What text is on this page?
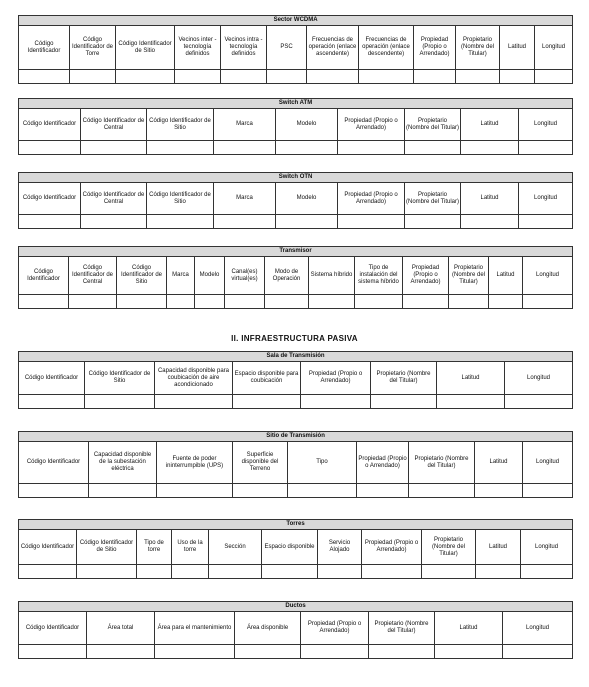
Sector WCDMA											
Código Identificador	Código Identificador de Torre	Código Identificador de Sitio	Vecinos inter - tecnología definidos	Vecinos intra - tecnología definidos	PSC	Frecuencias de operación (enlace ascendente)	Frecuencias de operación (enlace descendente)	Propiedad (Propio o Arrendado)	Propietario (Nombre del Titular)	Latitud	Longitud

Switch ATM								
Código Identificador	Código Identificador de Central	Código Identificador de Sitio	Marca	Modelo	Propiedad (Propio o Arrendado)	Propietario (Nombre del Titular)	Latitud	Longitud

Switch OTN								
Código Identificador	Código Identificador de Central	Código Identificador de Sitio	Marca	Modelo	Propiedad (Propio o Arrendado)	Propietario (Nombre del Titular)	Latitud	Longitud

Transmisor												
Código Identificador	Código Identificador de Central	Código Identificador de Sitio	Marca	Modelo	Canal(es) virtual(es)	Modo de Operación	Sistema híbrido	Tipo de instalación del sistema híbrido	Propiedad (Propio o Arrendado)	Propietario (Nombre del Titular)	Latitud	Longitud

II. INFRAESTRUCTURA PASIVA
Sala de Transmisión							
Código Identificador	Código Identificador de Sitio	Capacidad disponible para coubicación de aire acondicionado	Espacio disponible para coubicación	Propiedad (Propio o Arrendado)	Propietario (Nombre del Titular)	Latitud	Longitud

Sitio de Transmisión								
Código Identificador	Capacidad disponible de la subestación eléctrica	Fuente de poder ininterrumpible (UPS)	Superficie disponible del Terreno	Tipo	Propiedad (Propio o Arrendado)	Propietario (Nombre del Titular)	Latitud	Longitud

Torres										
Código Identificador	Código Identificador de Sitio	Tipo de torre	Uso de la torre	Sección	Espacio disponible	Servicio Alojado	Propiedad (Propio o Arrendado)	Propietario (Nombre del Titular)	Latitud	Longitud

Ductos							
Código Identificador	Área total	Área para el mantenimiento	Área disponible	Propiedad (Propio o Arrendado)	Propietario (Nombre del Titular)	Latitud	Longitud
